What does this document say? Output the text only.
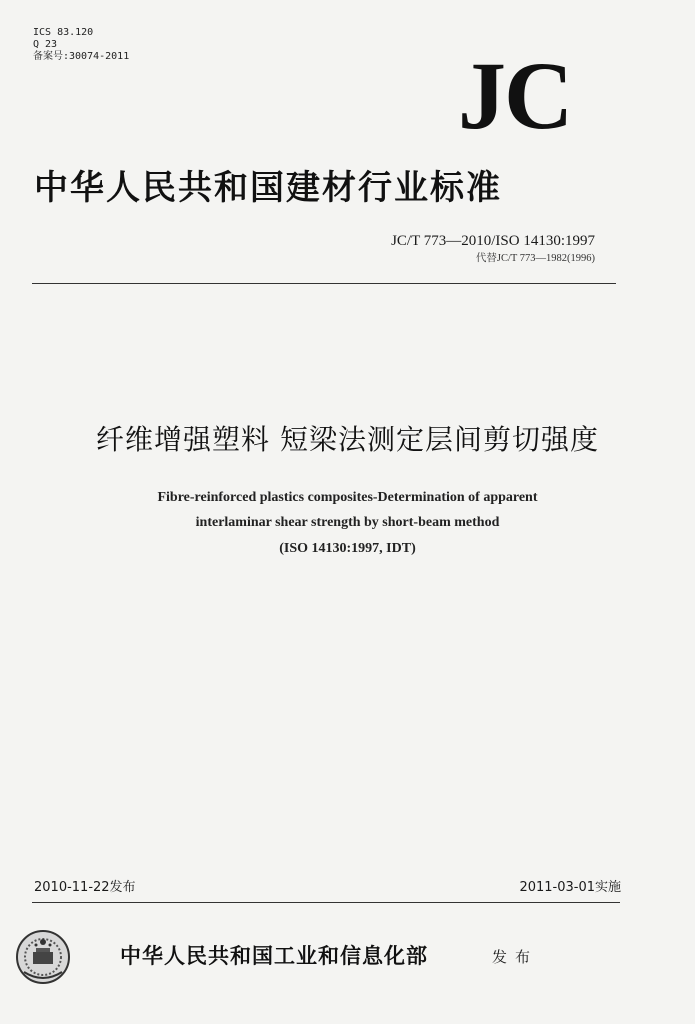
ICS 83.120
Q 23
备案号:30074-2011	JC
中华人民共和国建材行业标准
JC/T 773—2010/ISO 14130:1997
代替JC/T 773—1982(1996)
纤维增强塑料 短梁法测定层间剪切强度
Fibre-reinforced plastics composites-Determination of apparent
interlaminar shear strength by short-beam method
(ISO 14130:1997, IDT)
2010-11-22发布	2011-03-01实施
中华人民共和国工业和信息化部	发布
